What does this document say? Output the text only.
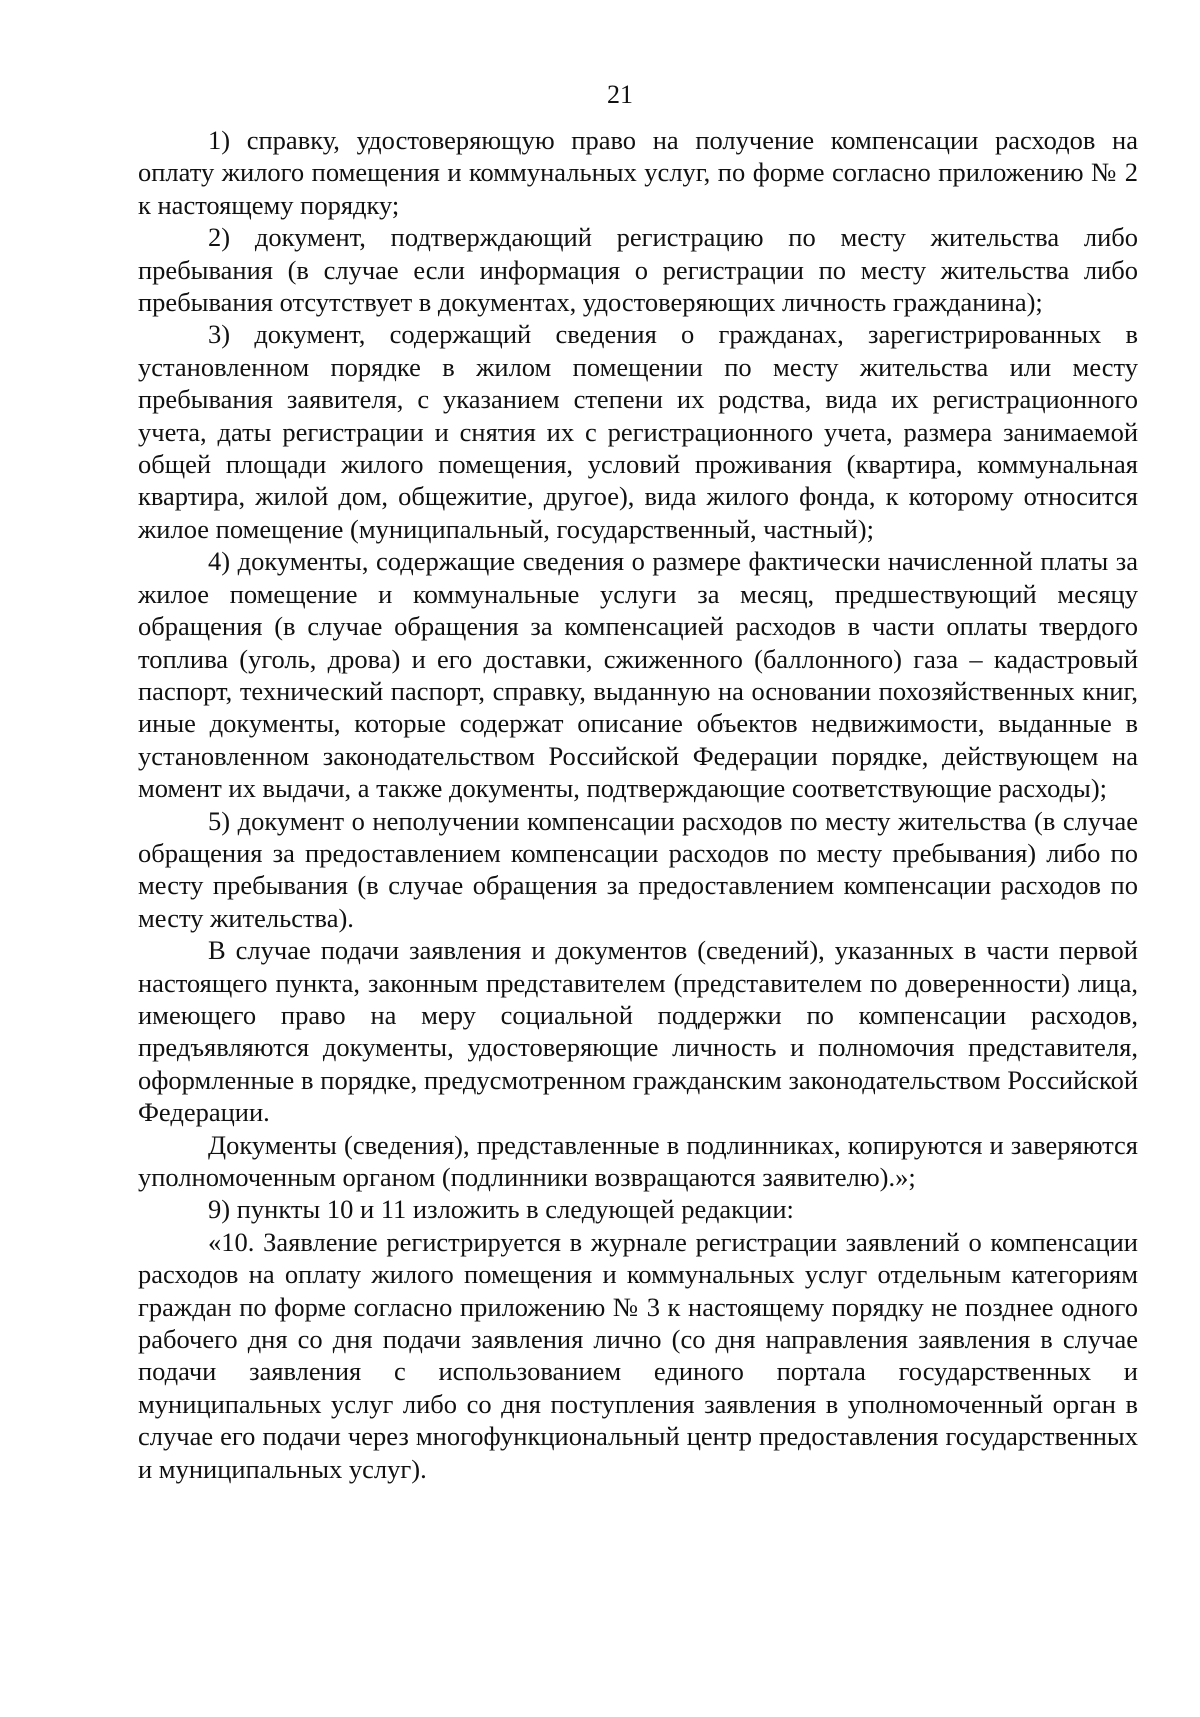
21

1) справку, удостоверяющую право на получение компенсации расходов на оплату жилого помещения и коммунальных услуг, по форме согласно приложению № 2 к настоящему порядку;

2) документ, подтверждающий регистрацию по месту жительства либо пребывания (в случае если информация о регистрации по месту жительства либо пребывания отсутствует в документах, удостоверяющих личность гражданина);

3) документ, содержащий сведения о гражданах, зарегистрированных в установленном порядке в жилом помещении по месту жительства или месту пребывания заявителя, с указанием степени их родства, вида их регистрационного учета, даты регистрации и снятия их с регистрационного учета, размера занимаемой общей площади жилого помещения, условий проживания (квартира, коммунальная квартира, жилой дом, общежитие, другое), вида жилого фонда, к которому относится жилое помещение (муниципальный, государственный, частный);

4) документы, содержащие сведения о размере фактически начисленной платы за жилое помещение и коммунальные услуги за месяц, предшествующий месяцу обращения (в случае обращения за компенсацией расходов в части оплаты твердого топлива (уголь, дрова) и его доставки, сжиженного (баллонного) газа – кадастровый паспорт, технический паспорт, справку, выданную на основании похозяйственных книг, иные документы, которые содержат описание объектов недвижимости, выданные в установленном законодательством Российской Федерации порядке, действующем на момент их выдачи, а также документы, подтверждающие соответствующие расходы);

5) документ о неполучении компенсации расходов по месту жительства (в случае обращения за предоставлением компенсации расходов по месту пребывания) либо по месту пребывания (в случае обращения за предоставлением компенсации расходов по месту жительства).

В случае подачи заявления и документов (сведений), указанных в части первой настоящего пункта, законным представителем (представителем по доверенности) лица, имеющего право на меру социальной поддержки по компенсации расходов, предъявляются документы, удостоверяющие личность и полномочия представителя, оформленные в порядке, предусмотренном гражданским законодательством Российской Федерации.

Документы (сведения), представленные в подлинниках, копируются и заверяются уполномоченным органом (подлинники возвращаются заявителю).»;

9) пункты 10 и 11 изложить в следующей редакции:

«10. Заявление регистрируется в журнале регистрации заявлений о компенсации расходов на оплату жилого помещения и коммунальных услуг отдельным категориям граждан по форме согласно приложению № 3 к настоящему порядку не позднее одного рабочего дня со дня подачи заявления лично (со дня направления заявления в случае подачи заявления с использованием единого портала государственных и муниципальных услуг либо со дня поступления заявления в уполномоченный орган в случае его подачи через многофункциональный центр предоставления государственных и муниципальных услуг).
